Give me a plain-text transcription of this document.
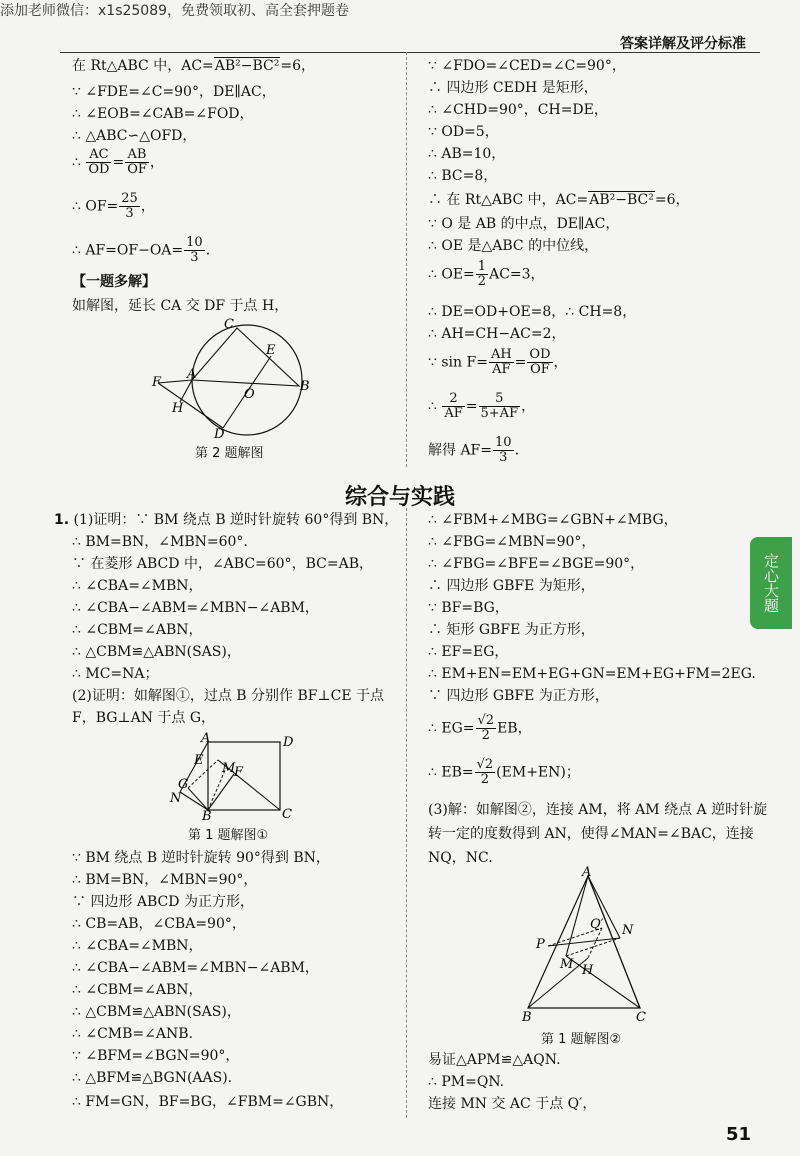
添加老师微信：x1s25089，免费领取初、高全套押题卷
答案详解及评分标准
定心大题
在 Rt△ABC 中，AC=AB²−BC²=6，
∵ ∠FDE=∠C=90°，DE∥AC，
∴ ∠EOB=∠CAB=∠FOD，
∴ △ABC∽△OFD，
∴ $\frac{AC}{OD} = \frac{AB}{OF}$ ，
∴ $OF= \frac{25}{3}$ ，
∴ $AF=OF-OA= \frac{10}{3}$ .
【一题多解】
如解图，延长 CA 交 DF 于点 H，
C
E
F
A
O
B
H
D
第 2 题解图
∵ ∠FDO=∠CED=∠C=90°，
∴ 四边形 CEDH 是矩形，
∴ ∠CHD=90°，CH=DE，
∵ OD=5，
∴ AB=10，
∴ BC=8，
∴ 在 Rt△ABC 中，AC=AB²−BC²=6，
∵ O 是 AB 的中点，DE∥AC，
∴ OE 是△ABC 的中位线，
∴ $OE= \frac{1}{2} AC=3$，
∴ DE=OD+OE=8，∴ CH=8，
∴ AH=CH−AC=2，
∵ $\sin F= \frac{AH}{AF} = \frac{OD}{OF}$ ，
∴ $\frac{2}{AF} = \frac{5}{5+AF}$ ，
解得 $AF= \frac{10}{3}$ .
综合与实践
1. (1)证明：∵ BM 绕点 B 逆时针旋转 60°得到 BN，
∴ BM=BN，∠MBN=60°.
∵ 在菱形 ABCD 中，∠ABC=60°，BC=AB，
∴ ∠CBA=∠MBN，
∴ ∠CBA−∠ABM=∠MBN−∠ABM，
∴ ∠CBM=∠ABN，
∴ △CBM≌△ABN(SAS)，
∴ MC=NA；
(2)证明：如解图①，过点 B 分别作 BF⊥CE 于点
F，BG⊥AN 于点 G，
A	D
E
M
F
G
N
B	C
第 1 题解图①
∵ BM 绕点 B 逆时针旋转 90°得到 BN，
∴ BM=BN，∠MBN=90°，
∵ 四边形 ABCD 为正方形，
∴ CB=AB，∠CBA=90°，
∴ ∠CBA=∠MBN，
∴ ∠CBA−∠ABM=∠MBN−∠ABM，
∴ ∠CBM=∠ABN，
∴ △CBM≌△ABN(SAS)，
∴ ∠CMB=∠ANB.
∵ ∠BFM=∠BGN=90°，
∴ △BFM≌△BGN(AAS).
∴ FM=GN，BF=BG，∠FBM=∠GBN，
∴ ∠FBM+∠MBG=∠GBN+∠MBG，
∴ ∠FBG=∠MBN=90°，
∴ ∠FBG=∠BFE=∠BGE=90°，
∴ 四边形 GBFE 为矩形，
∵ BF=BG，
∴ 矩形 GBFE 为正方形，
∴ EF=EG，
∴ EM+EN=EM+EG+GN=EM+EG+FM=2EG.
∵ 四边形 GBFE 为正方形，
∴ $EG= \frac{√2}{2}$ EB，
∴ $EB= \frac{√2}{2} (EM+EN)$；
(3)解：如解图②，连接 AM，将 AM 绕点 A 逆时针旋
转一定的度数得到 AN，使得∠MAN=∠BAC，连接
NQ，NC.
A
Q′ N
P
M H
B	C
第 1 题解图②
易证△APM≌△AQN.
∴ PM=QN.
连接 MN 交 AC 于点 Q′，
51
